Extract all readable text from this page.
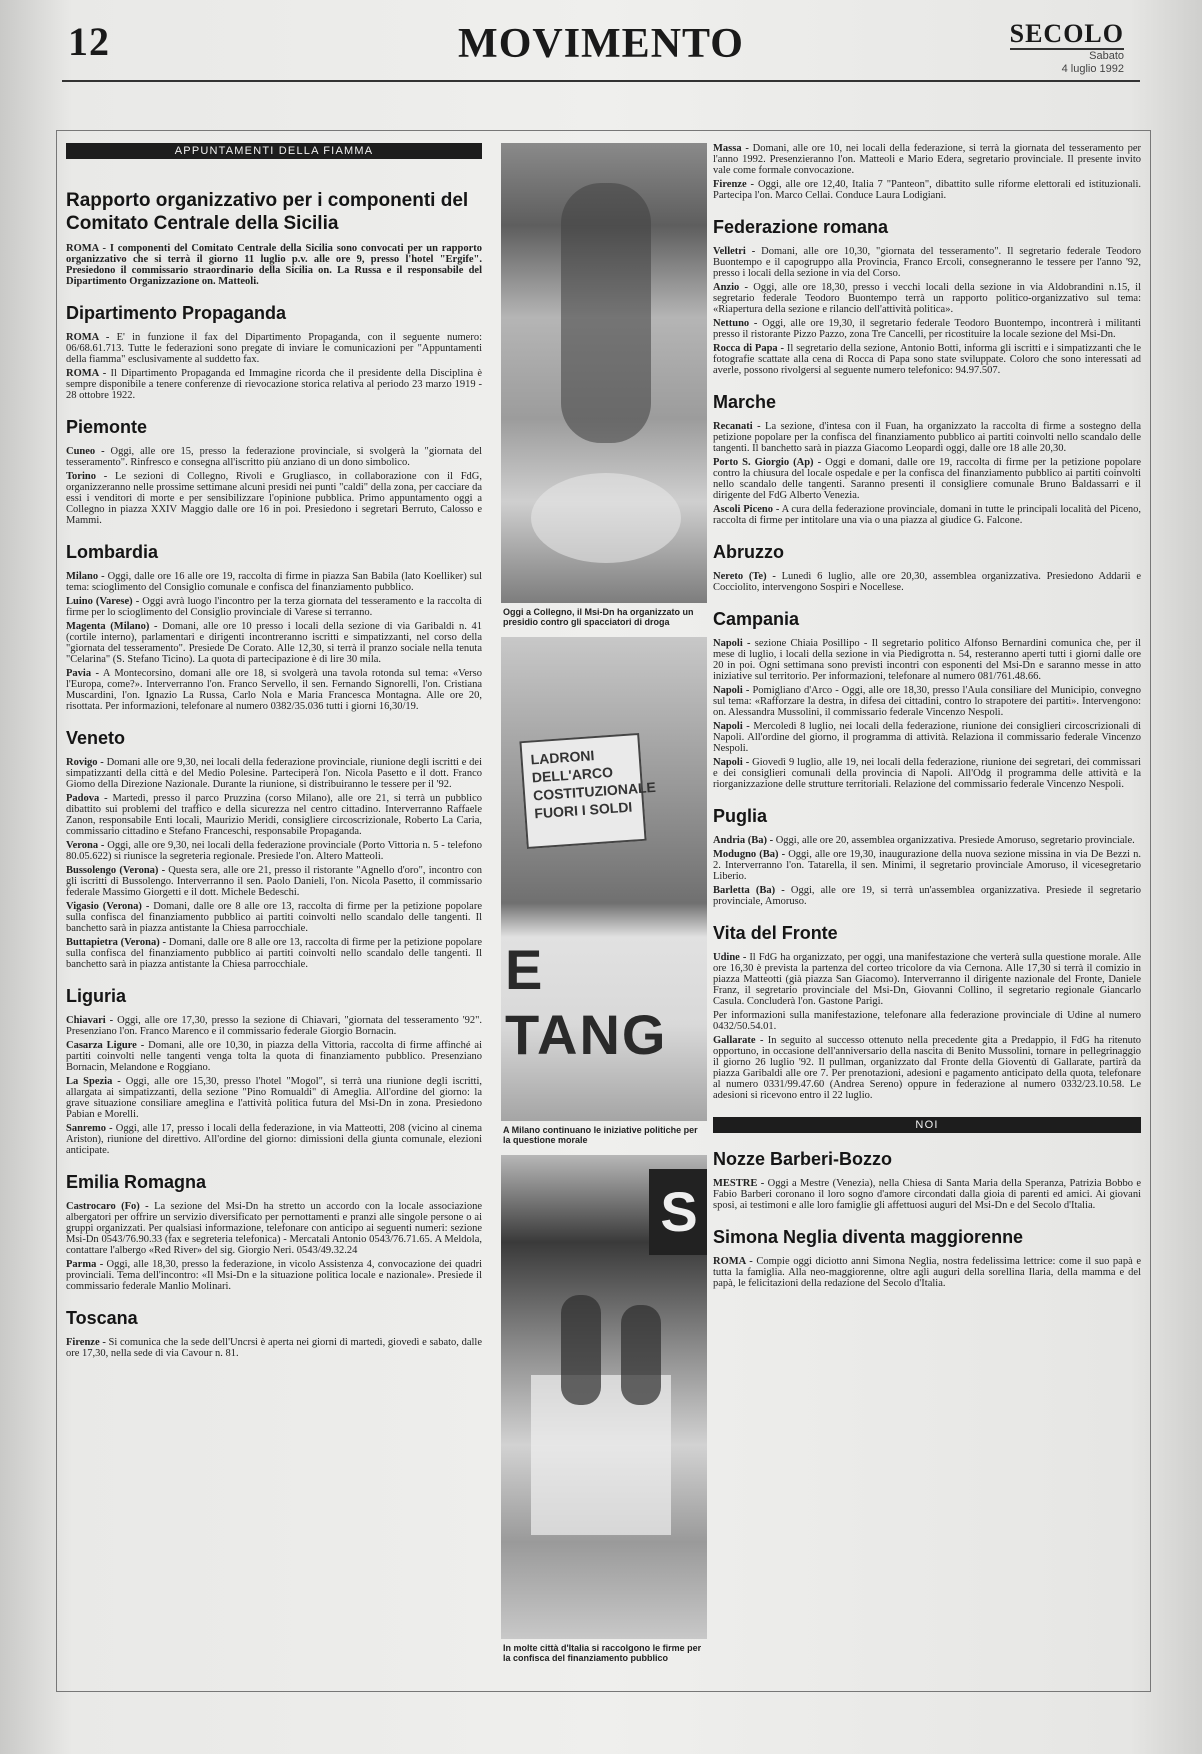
12	MOVIMENTO	SECOLO
Sabato
4 luglio 1992
APPUNTAMENTI DELLA FIAMMA
Rapporto organizzativo per i componenti del Comitato Centrale della Sicilia

ROMA - I componenti del Comitato Centrale della Sicilia sono convocati per un rapporto organizzativo che si terrà il giorno 11 luglio p.v. alle ore 9, presso l'hotel "Ergife". Presiedono il commissario straordinario della Sicilia on. La Russa e il responsabile del Dipartimento Organizzazione on. Matteoli.

Dipartimento Propaganda

ROMA - E' in funzione il fax del Dipartimento Propaganda, con il seguente numero: 06/68.61.713. Tutte le federazioni sono pregate di inviare le comunicazioni per "Appuntamenti della fiamma" esclusivamente al suddetto fax.

ROMA - Il Dipartimento Propaganda ed Immagine ricorda che il presidente della Disciplina è sempre disponibile a tenere conferenze di rievocazione storica relativa al periodo 23 marzo 1919 - 28 ottobre 1922.

Piemonte

Cuneo - Oggi, alle ore 15, presso la federazione provinciale, si svolgerà la "giornata del tesseramento". Rinfresco e consegna all'iscritto più anziano di un dono simbolico.

Torino - Le sezioni di Collegno, Rivoli e Grugliasco, in collaborazione con il FdG, organizzeranno nelle prossime settimane alcuni presidi nei punti "caldi" della zona, per cacciare da essi i venditori di morte e per sensibilizzare l'opinione pubblica. Primo appuntamento oggi a Collegno in piazza XXIV Maggio dalle ore 16 in poi. Presiedono i segretari Berruto, Calosso e Mammi.

Lombardia

Milano - Oggi, dalle ore 16 alle ore 19, raccolta di firme in piazza San Babila (lato Koelliker) sul tema: scioglimento del Consiglio comunale e confisca del finanziamento pubblico.

Luino (Varese) - Oggi avrà luogo l'incontro per la terza giornata del tesseramento e la raccolta di firme per lo scioglimento del Consiglio provinciale di Varese si terranno.

Magenta (Milano) - Domani, alle ore 10 presso i locali della sezione di via Garibaldi n. 41 (cortile interno), parlamentari e dirigenti incontreranno iscritti e simpatizzanti, nel corso della "giornata del tesseramento". Presiede De Corato. Alle 12,30, si terrà il pranzo sociale nella tenuta "Celarina" (S. Stefano Ticino). La quota di partecipazione è di lire 30 mila.

Pavia - A Montecorsino, domani alle ore 18, si svolgerà una tavola rotonda sul tema: «Verso l'Europa, come?». Interverranno l'on. Franco Servello, il sen. Fernando Signorelli, l'on. Cristiana Muscardini, l'on. Ignazio La Russa, Carlo Nola e Maria Francesca Montagna. Alle ore 20, risottata. Per informazioni, telefonare al numero 0382/35.036 tutti i giorni 16,30/19.

Veneto

Rovigo - Domani alle ore 9,30, nei locali della federazione provinciale, riunione degli iscritti e dei simpatizzanti della città e del Medio Polesine. Parteciperà l'on. Nicola Pasetto e il dott. Franco Giomo della Direzione Nazionale. Durante la riunione, si distribuiranno le tessere per il '92.

Padova - Martedì, presso il parco Pruzzina (corso Milano), alle ore 21, si terrà un pubblico dibattito sui problemi del traffico e della sicurezza nel centro cittadino. Interverranno Raffaele Zanon, responsabile Enti locali, Maurizio Meridi, consigliere circoscrizionale, Roberto La Caria, commissario cittadino e Stefano Franceschi, responsabile Propaganda.

Verona - Oggi, alle ore 9,30, nei locali della federazione provinciale (Porto Vittoria n. 5 - telefono 80.05.622) si riunisce la segreteria regionale. Presiede l'on. Altero Matteoli.

Bussolengo (Verona) - Questa sera, alle ore 21, presso il ristorante "Agnello d'oro", incontro con gli iscritti di Bussolengo. Interverranno il sen. Paolo Danieli, l'on. Nicola Pasetto, il commissario federale Massimo Giorgetti e il dott. Michele Bedeschi.

Vigasio (Verona) - Domani, dalle ore 8 alle ore 13, raccolta di firme per la petizione popolare sulla confisca del finanziamento pubblico ai partiti coinvolti nello scandalo delle tangenti. Il banchetto sarà in piazza antistante la Chiesa parrocchiale.

Buttapietra (Verona) - Domani, dalle ore 8 alle ore 13, raccolta di firme per la petizione popolare sulla confisca del finanziamento pubblico ai partiti coinvolti nello scandalo delle tangenti. Il banchetto sarà in piazza antistante la Chiesa parrocchiale.

Liguria

Chiavari - Oggi, alle ore 17,30, presso la sezione di Chiavari, "giornata del tesseramento '92". Presenziano l'on. Franco Marenco e il commissario federale Giorgio Bornacin.

Casarza Ligure - Domani, alle ore 10,30, in piazza della Vittoria, raccolta di firme affinché ai partiti coinvolti nelle tangenti venga tolta la quota di finanziamento pubblico. Presenziano Bornacin, Melandone e Roggiano.

La Spezia - Oggi, alle ore 15,30, presso l'hotel "Mogol", si terrà una riunione degli iscritti, allargata ai simpatizzanti, della sezione "Pino Romualdi" di Ameglia. All'ordine del giorno: la grave situazione consiliare ameglina e l'attività politica futura del Msi-Dn in zona. Presiedono Pabian e Morelli.

Sanremo - Oggi, alle 17, presso i locali della federazione, in via Matteotti, 208 (vicino al cinema Ariston), riunione del direttivo. All'ordine del giorno: dimissioni della giunta comunale, elezioni anticipate.

Emilia Romagna

Castrocaro (Fo) - La sezione del Msi-Dn ha stretto un accordo con la locale associazione albergatori per offrire un servizio diversificato per pernottamenti e pranzi alle singole persone o ai gruppi organizzati. Per qualsiasi informazione, telefonare con anticipo ai seguenti numeri: sezione Msi-Dn 0543/76.90.33 (fax e segreteria telefonica) - Mercatali Antonio 0543/76.71.65. A Meldola, contattare l'albergo «Red River» del sig. Giorgio Neri. 0543/49.32.24

Parma - Oggi, alle 18,30, presso la federazione, in vicolo Assistenza 4, convocazione dei quadri provinciali. Tema dell'incontro: «Il Msi-Dn e la situazione politica locale e nazionale». Presiede il commissario federale Manlio Molinari.

Toscana

Firenze - Si comunica che la sede dell'Uncrsi è aperta nei giorni di martedì, giovedì e sabato, dalle ore 17,30, nella sede di via Cavour n. 81.

Oggi a Collegno, il Msi-Dn ha organizzato un presidio contro gli spacciatori di droga
LADRONI DELL'ARCO COSTITUZIONALE FUORI I SOLDI
E TANG
A Milano continuano le iniziative politiche per la questione morale
S
In molte città d'Italia si raccolgono le firme per la confisca del finanziamento pubblico

Massa - Domani, alle ore 10, nei locali della federazione, si terrà la giornata del tesseramento per l'anno 1992. Presenzieranno l'on. Matteoli e Mario Edera, segretario provinciale. Il presente invito vale come formale convocazione.

Firenze - Oggi, alle ore 12,40, Italia 7 "Panteon", dibattito sulle riforme elettorali ed istituzionali. Partecipa l'on. Marco Cellai. Conduce Laura Lodigiani.

Federazione romana

Velletri - Domani, alle ore 10,30, "giornata del tesseramento". Il segretario federale Teodoro Buontempo e il capogruppo alla Provincia, Franco Ercoli, consegneranno le tessere per l'anno '92, presso i locali della sezione in via del Corso.

Anzio - Oggi, alle ore 18,30, presso i vecchi locali della sezione in via Aldobrandini n.15, il segretario federale Teodoro Buontempo terrà un rapporto politico-organizzativo sul tema: «Riapertura della sezione e rilancio dell'attività politica».

Nettuno - Oggi, alle ore 19,30, il segretario federale Teodoro Buontempo, incontrerà i militanti presso il ristorante Pizzo Pazzo, zona Tre Cancelli, per ricostituire la locale sezione del Msi-Dn.

Rocca di Papa - Il segretario della sezione, Antonio Botti, informa gli iscritti e i simpatizzanti che le fotografie scattate alla cena di Rocca di Papa sono state sviluppate. Coloro che sono interessati ad averle, possono rivolgersi al seguente numero telefonico: 94.97.507.

Marche

Recanati - La sezione, d'intesa con il Fuan, ha organizzato la raccolta di firme a sostegno della petizione popolare per la confisca del finanziamento pubblico ai partiti coinvolti nello scandalo delle tangenti. Il banchetto sarà in piazza Giacomo Leopardi oggi, dalle ore 18 alle 20,30.

Porto S. Giorgio (Ap) - Oggi e domani, dalle ore 19, raccolta di firme per la petizione popolare contro la chiusura del locale ospedale e per la confisca del finanziamento pubblico ai partiti coinvolti nello scandalo delle tangenti. Saranno presenti il consigliere comunale Bruno Baldassarri e il dirigente del FdG Alberto Venezia.

Ascoli Piceno - A cura della federazione provinciale, domani in tutte le principali località del Piceno, raccolta di firme per intitolare una via o una piazza al giudice G. Falcone.

Abruzzo

Nereto (Te) - Lunedì 6 luglio, alle ore 20,30, assemblea organizzativa. Presiedono Addarii e Cocciolito, intervengono Sospiri e Nocellese.

Campania

Napoli - sezione Chiaia Posillipo - Il segretario politico Alfonso Bernardini comunica che, per il mese di luglio, i locali della sezione in via Piedigrotta n. 54, resteranno aperti tutti i giorni dalle ore 20 in poi. Ogni settimana sono previsti incontri con esponenti del Msi-Dn e saranno messe in atto iniziative sul territorio. Per informazioni, telefonare al numero 081/761.48.66.

Napoli - Pomigliano d'Arco - Oggi, alle ore 18,30, presso l'Aula consiliare del Municipio, convegno sul tema: «Rafforzare la destra, in difesa dei cittadini, contro lo strapotere dei partiti». Intervengono: on. Alessandra Mussolini, il commissario federale Vincenzo Nespoli.

Napoli - Mercoledì 8 luglio, nei locali della federazione, riunione dei consiglieri circoscrizionali di Napoli. All'ordine del giorno, il programma di attività. Relaziona il commissario federale Vincenzo Nespoli.

Napoli - Giovedì 9 luglio, alle 19, nei locali della federazione, riunione dei segretari, dei commissari e dei consiglieri comunali della provincia di Napoli. All'Odg il programma delle attività e la riorganizzazione delle strutture territoriali. Relazione del commissario federale Vincenzo Nespoli.

Puglia

Andria (Ba) - Oggi, alle ore 20, assemblea organizzativa. Presiede Amoruso, segretario provinciale.

Modugno (Ba) - Oggi, alle ore 19,30, inaugurazione della nuova sezione missina in via De Bezzi n. 2. Interverranno l'on. Tatarella, il sen. Minimi, il segretario provinciale Amoruso, il vicesegretario Liberio.

Barletta (Ba) - Oggi, alle ore 19, si terrà un'assemblea organizzativa. Presiede il segretario provinciale, Amoruso.

Vita del Fronte

Udine - Il FdG ha organizzato, per oggi, una manifestazione che verterà sulla questione morale. Alle ore 16,30 è prevista la partenza del corteo tricolore da via Cernona. Alle 17,30 si terrà il comizio in piazza Matteotti (già piazza San Giacomo). Interverranno il dirigente nazionale del Fronte, Daniele Franz, il segretario provinciale del Msi-Dn, Giovanni Collino, il segretario regionale Giancarlo Casula. Concluderà l'on. Gastone Parigi.

Per informazioni sulla manifestazione, telefonare alla federazione provinciale di Udine al numero 0432/50.54.01.

Gallarate - In seguito al successo ottenuto nella precedente gita a Predappio, il FdG ha ritenuto opportuno, in occasione dell'anniversario della nascita di Benito Mussolini, tornare in pellegrinaggio il giorno 26 luglio '92. Il pullman, organizzato dal Fronte della Gioventù di Gallarate, partirà da piazza Garibaldi alle ore 7. Per prenotazioni, adesioni e pagamento anticipato della quota, telefonare al numero 0331/99.47.60 (Andrea Sereno) oppure in federazione al numero 0332/23.10.58. Le adesioni si ricevono entro il 22 luglio.

NOI
Nozze Barberi-Bozzo

MESTRE - Oggi a Mestre (Venezia), nella Chiesa di Santa Maria della Speranza, Patrizia Bobbo e Fabio Barberi coronano il loro sogno d'amore circondati dalla gioia di parenti ed amici. Ai giovani sposi, ai testimoni e alle loro famiglie gli affettuosi auguri del Msi-Dn e del Secolo d'Italia.

Simona Neglia diventa maggiorenne

ROMA - Compie oggi diciotto anni Simona Neglia, nostra fedelissima lettrice: come il suo papà e tutta la famiglia. Alla neo-maggiorenne, oltre agli auguri della sorellina Ilaria, della mamma e del papà, le felicitazioni della redazione del Secolo d'Italia.
